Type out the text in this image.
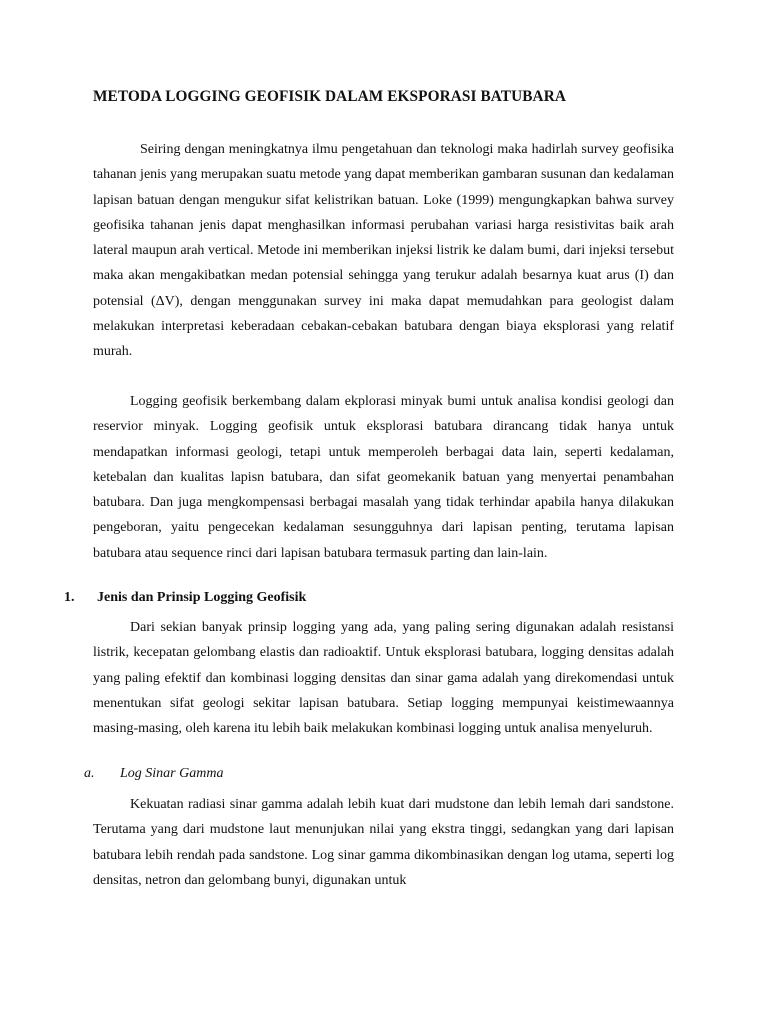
METODA LOGGING GEOFISIK DALAM EKSPORASI BATUBARA

Seiring dengan meningkatnya ilmu pengetahuan dan teknologi maka hadirlah survey geofisika tahanan jenis yang merupakan suatu metode yang dapat memberikan gambaran susunan dan kedalaman lapisan batuan dengan mengukur sifat kelistrikan batuan. Loke (1999) mengungkapkan bahwa survey geofisika tahanan jenis dapat menghasilkan informasi perubahan variasi harga resistivitas baik arah lateral maupun arah vertical. Metode ini memberikan injeksi listrik ke dalam bumi, dari injeksi tersebut maka akan mengakibatkan medan potensial sehingga yang terukur adalah besarnya kuat arus (I) dan potensial (ΔV), dengan menggunakan survey ini maka dapat memudahkan para geologist dalam melakukan interpretasi keberadaan cebakan-cebakan batubara dengan biaya eksplorasi yang relatif murah.

Logging geofisik berkembang dalam ekplorasi minyak bumi untuk analisa kondisi geologi dan reservior minyak. Logging geofisik untuk eksplorasi batubara dirancang tidak hanya untuk mendapatkan informasi geologi, tetapi untuk memperoleh berbagai data lain, seperti kedalaman, ketebalan dan kualitas lapisn batubara, dan sifat geomekanik batuan yang menyertai penambahan batubara. Dan juga mengkompensasi berbagai masalah yang tidak terhindar apabila hanya dilakukan pengeboran, yaitu pengecekan kedalaman sesungguhnya dari lapisan penting, terutama lapisan batubara atau sequence rinci dari lapisan batubara termasuk parting dan lain-lain.

1. Jenis dan Prinsip Logging Geofisik

Dari sekian banyak prinsip logging yang ada, yang paling sering digunakan adalah resistansi listrik, kecepatan gelombang elastis dan radioaktif. Untuk eksplorasi batubara, logging densitas adalah yang paling efektif dan kombinasi logging densitas dan sinar gama adalah yang direkomendasi untuk menentukan sifat geologi sekitar lapisan batubara. Setiap logging mempunyai keistimewaannya masing-masing, oleh karena itu lebih baik melakukan kombinasi logging untuk analisa menyeluruh.

a. Log Sinar Gamma

Kekuatan radiasi sinar gamma adalah lebih kuat dari mudstone dan lebih lemah dari sandstone. Terutama yang dari mudstone laut menunjukan nilai yang ekstra tinggi, sedangkan yang dari lapisan batubara lebih rendah pada sandstone. Log sinar gamma dikombinasikan dengan log utama, seperti log densitas, netron dan gelombang bunyi, digunakan untuk
